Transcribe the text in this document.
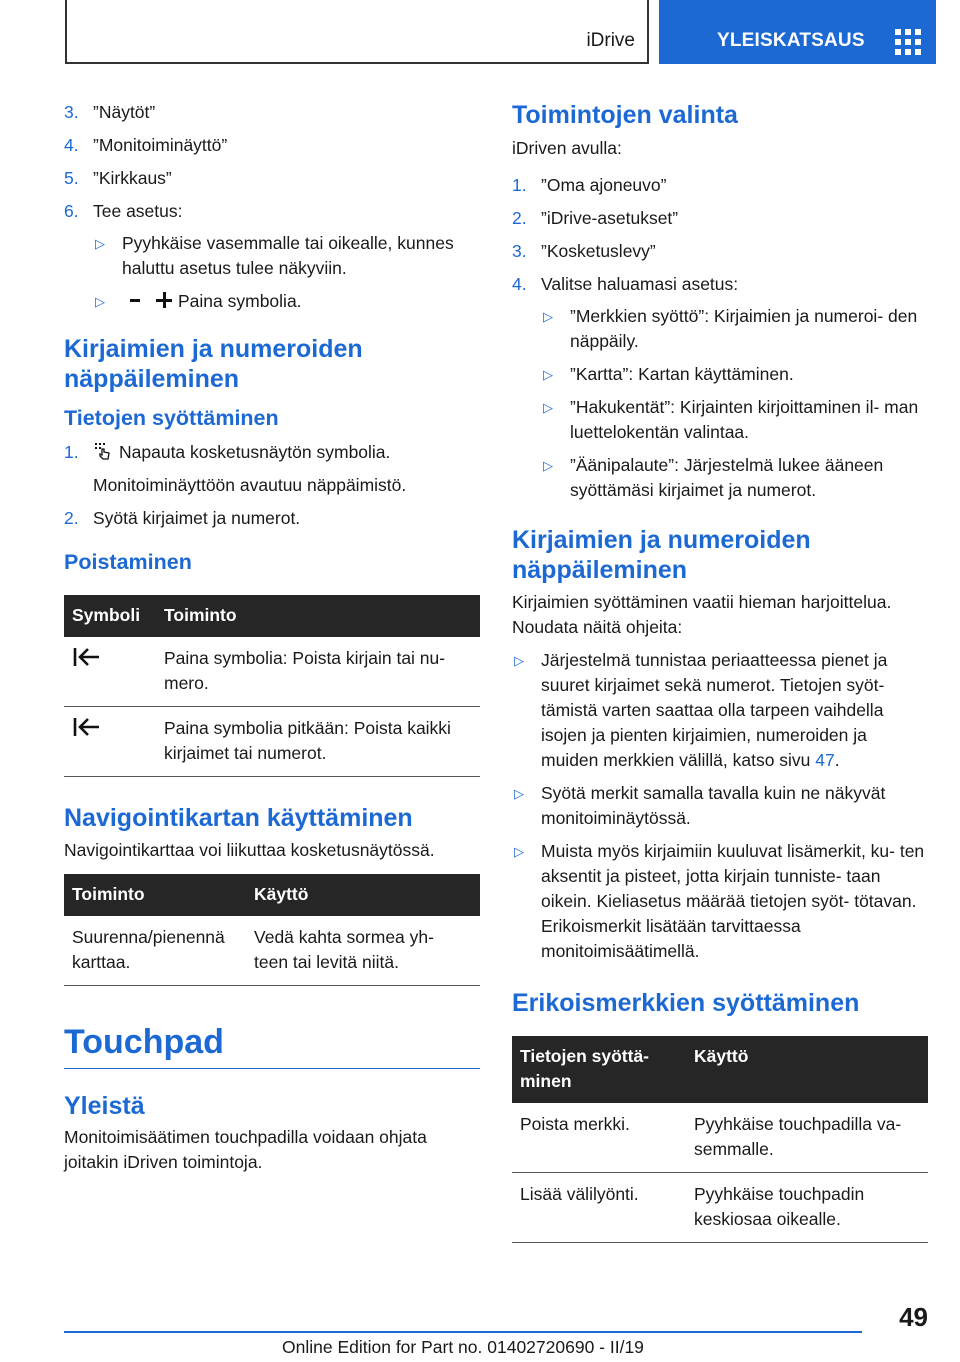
iDrive	YLEISKATSAUS
3. ”Näytöt”
4. ”Monitoiminäyttö”
5. ”Kirkkaus”
6. Tee asetus:
▷ Pyyhkäise vasemmalle tai oikealle, kunnes haluttu asetus tulee näkyviin.
▷	Paina symbolia.
Kirjaimien ja numeroiden näppäileminen
Tietojen syöttäminen
1. Napauta kosketusnäytön symbolia.
Monitoiminäyttöön avautuu näppäimistö.
2. Syötä kirjaimet ja numerot.
Poistaminen
Symboli	Toiminto
	Paina symbolia: Poista kirjain tai nu- mero.
	Paina symbolia pitkään: Poista kaikki kirjaimet tai numerot.
Navigointikartan käyttäminen
Navigointikarttaa voi liikuttaa kosketusnäytössä.
Toiminto	Käyttö
Suurenna/pienennä karttaa.	Vedä kahta sormea yh- teen tai levitä niitä.
Touchpad
Yleistä
Monitoimisäätimen touchpadilla voidaan ohjata joitakin iDriven toimintoja.
Toimintojen valinta
iDriven avulla:
1. ”Oma ajoneuvo”
2. ”iDrive-asetukset”
3. ”Kosketuslevy”
4. Valitse haluamasi asetus:
▷ ”Merkkien syöttö”: Kirjaimien ja numeroi- den näppäily.
▷ ”Kartta”: Kartan käyttäminen.
▷ ”Hakukentät”: Kirjainten kirjoittaminen il- man luettelokentän valintaa.
▷ ”Äänipalaute”: Järjestelmä lukee ääneen syöttämäsi kirjaimet ja numerot.
Kirjaimien ja numeroiden näppäileminen
Kirjaimien syöttäminen vaatii hieman harjoittelua. Noudata näitä ohjeita:
▷ Järjestelmä tunnistaa periaatteessa pienet ja suuret kirjaimet sekä numerot. Tietojen syöt- tämistä varten saattaa olla tarpeen vaihdella isojen ja pienten kirjaimien, numeroiden ja muiden merkkien välillä, katso sivu 47.
▷ Syötä merkit samalla tavalla kuin ne näkyvät monitoiminäytössä.
▷ Muista myös kirjaimiin kuuluvat lisämerkit, ku- ten aksentit ja pisteet, jotta kirjain tunniste- taan oikein. Kieliasetus määrää tietojen syöt- tötavan. Erikoismerkit lisätään tarvittaessa monitoimisäätimellä.
Erikoismerkkien syöttäminen
Tietojen syöttä- minen	Käyttö
Poista merkki.	Pyyhkäise touchpadilla va- semmalle.
Lisää välilyönti.	Pyyhkäise touchpadin keskiosaa oikealle.
49
Online Edition for Part no. 01402720690 - II/19
